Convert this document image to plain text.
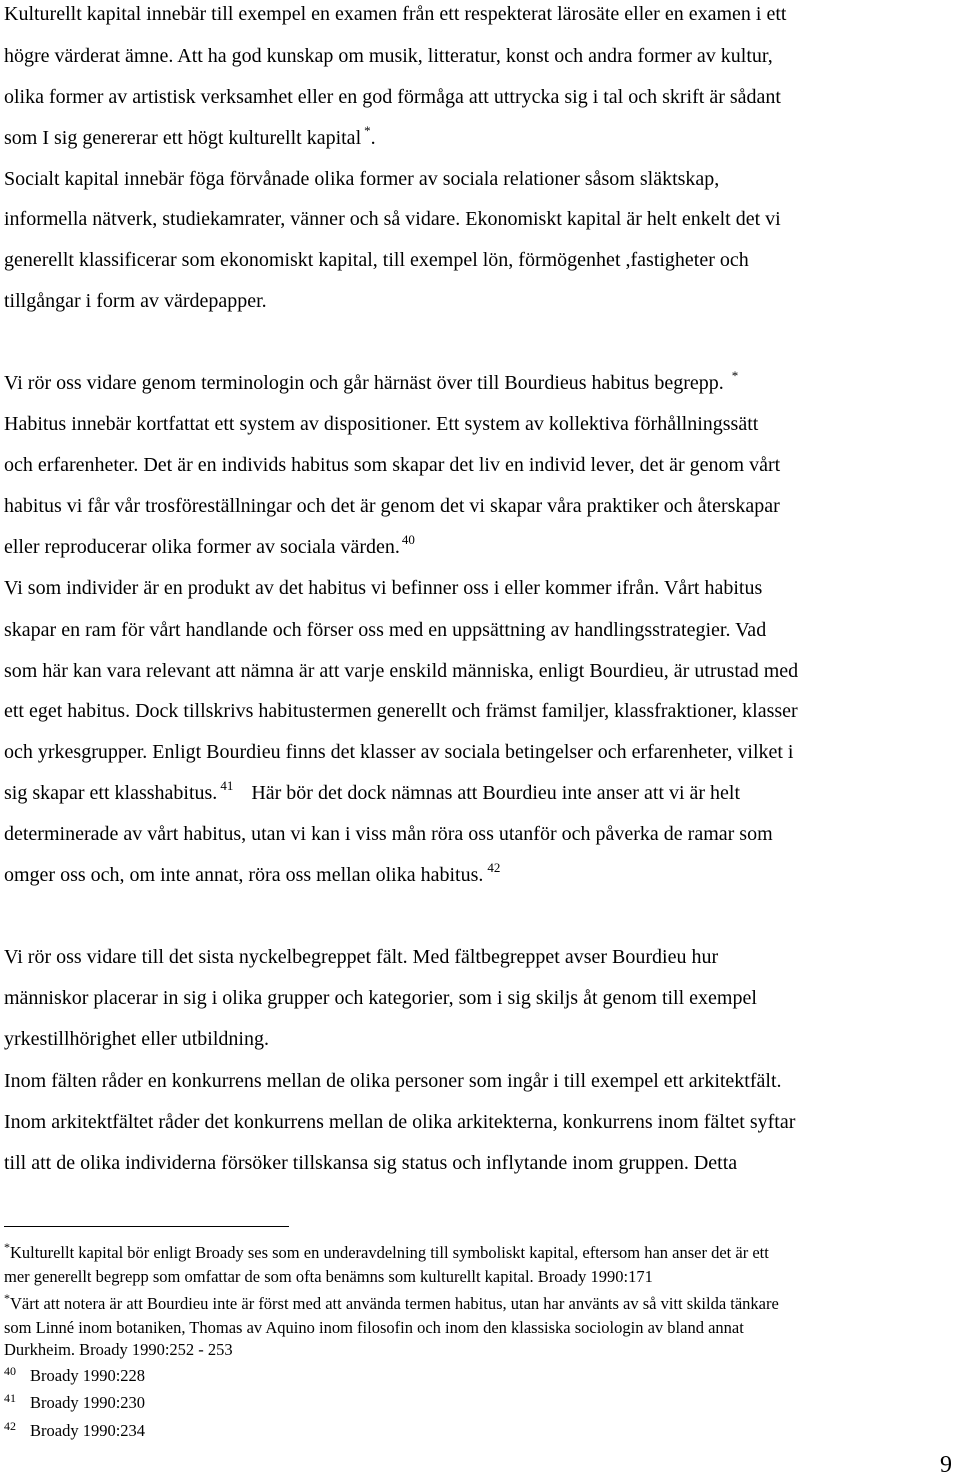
Kulturellt kapital innebär till exempel en examen från ett respekterat lärosäte eller en examen i ett
högre värderat ämne. Att ha god kunskap om musik, litteratur, konst och andra former av kultur,
olika former av artistisk verksamhet eller en god förmåga att uttrycka sig i tal och skrift är sådant
som I sig genererar ett högt kulturellt kapital *.
Socialt kapital innebär föga förvånade olika former av sociala relationer såsom släktskap,
informella nätverk, studiekamrater, vänner och så vidare. Ekonomiskt kapital är helt enkelt det vi
generellt klassificerar som ekonomiskt kapital, till exempel lön, förmögenhet ,fastigheter och
tillgångar i form av värdepapper.
Vi rör oss vidare genom terminologin och går härnäst över till Bourdieus habitus begrepp. *
Habitus innebär kortfattat ett system av dispositioner. Ett system av kollektiva förhållningssätt
och erfarenheter. Det är en individs habitus som skapar det liv en individ lever, det är genom vårt
habitus vi får vår trosföreställningar och det är genom det vi skapar våra praktiker och återskapar
eller reproducerar olika former av sociala värden. $^{40}$
Vi som individer är en produkt av det habitus vi befinner oss i eller kommer ifrån. Vårt habitus
skapar en ram för vårt handlande och förser oss med en uppsättning av handlingsstrategier. Vad
som här kan vara relevant att nämna är att varje enskild människa, enligt Bourdieu, är utrustad med
ett eget habitus. Dock tillskrivs habitustermen generellt och främst familjer, klassfraktioner, klasser
och yrkesgrupper. Enligt Bourdieu finns det klasser av sociala betingelser och erfarenheter, vilket i
sig skapar ett klasshabitus. $^{41}$ Här bör det dock nämnas att Bourdieu inte anser att vi är helt
determinerade av vårt habitus, utan vi kan i viss mån röra oss utanför och påverka de ramar som
omger oss och, om inte annat, röra oss mellan olika habitus. $^{42}$
Vi rör oss vidare till det sista nyckelbegreppet fält. Med fältbegreppet avser Bourdieu hur
människor placerar in sig i olika grupper och kategorier, som i sig skiljs åt genom till exempel
yrkestillhörighet eller utbildning.
Inom fälten råder en konkurrens mellan de olika personer som ingår i till exempel ett arkitektfält.
Inom arkitektfältet råder det konkurrens mellan de olika arkitekterna, konkurrens inom fältet syftar
till att de olika individerna försöker tillskansa sig status och inflytande inom gruppen. Detta
*Kulturellt kapital bör enligt Broady ses som en underavdelning till symboliskt kapital, eftersom han anser det är ett
mer generellt begrepp som omfattar de som ofta benämns som kulturellt kapital. Broady 1990:171
*Värt att notera är att Bourdieu inte är först med att använda termen habitus, utan har använts av så vitt skilda tänkare
som Linné inom botaniken, Thomas av Aquino inom filosofin och inom den klassiska sociologin av bland annat
Durkheim. Broady 1990:252 - 253
40 Broady 1990:228
41 Broady 1990:230
42 Broady 1990:234
9
